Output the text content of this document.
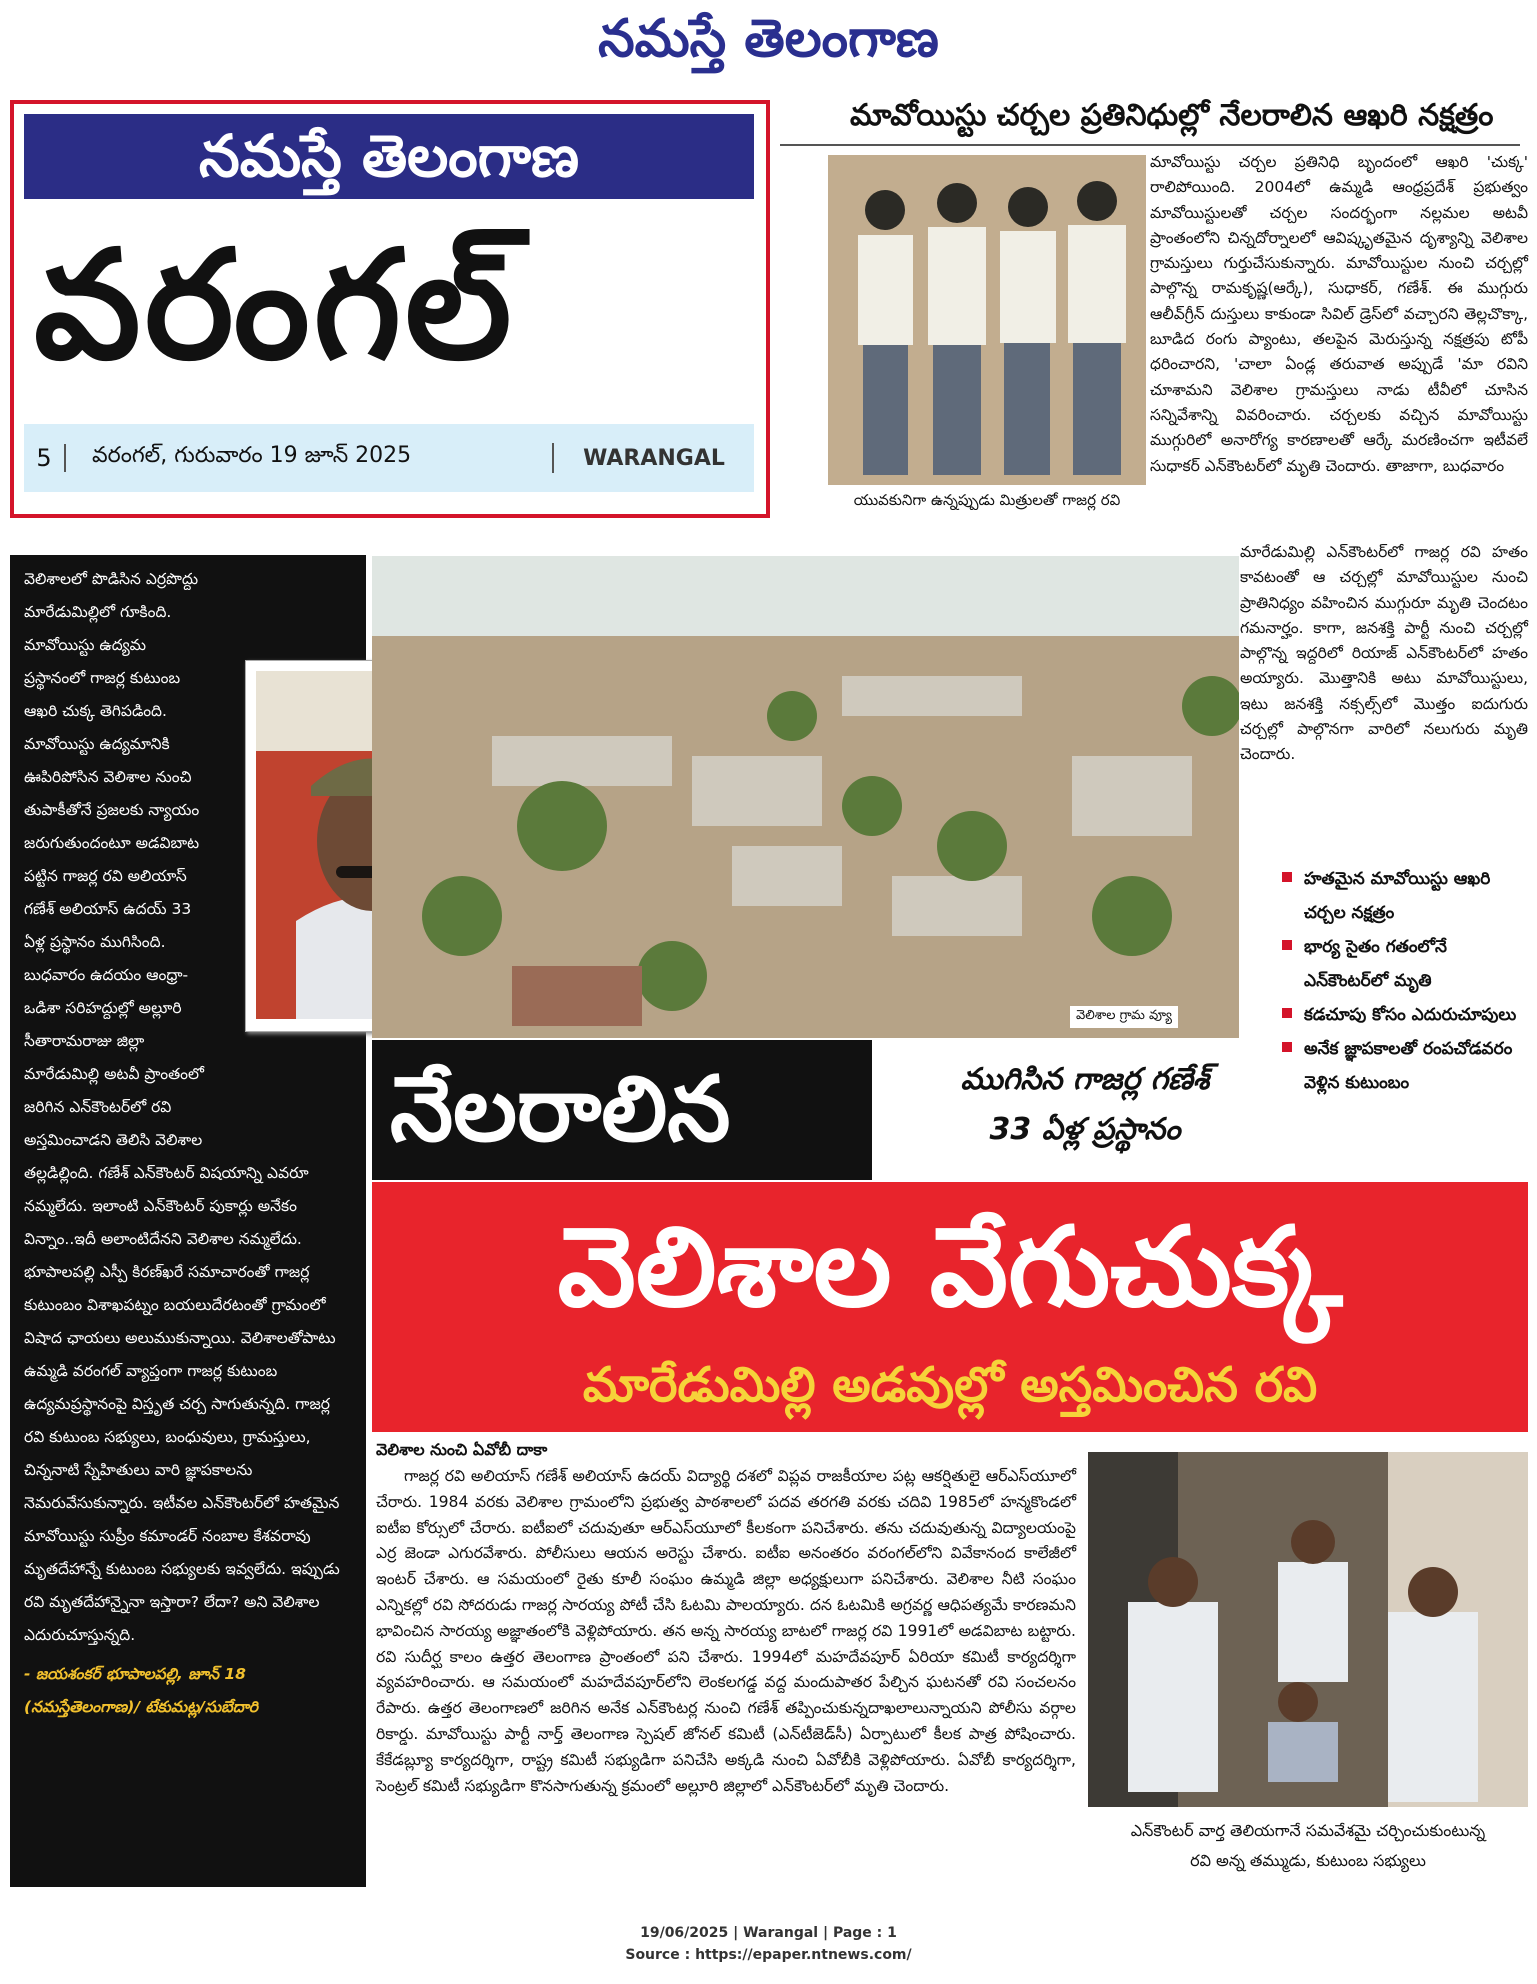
నమస్తే తెలంగాణ
నమస్తే తెలంగాణ
వరంగల్
5	వరంగల్, గురువారం 19 జూన్ 2025	WARANGAL
మావోయిస్టు చర్చల ప్రతినిధుల్లో నేలరాలిన ఆఖరి నక్షత్రం
యువకునిగా ఉన్నప్పుడు మిత్రులతో గాజర్ల రవి

మావోయిస్టు చర్చల ప్రతినిధి బృందంలో ఆఖరి 'చుక్క' రాలిపోయింది. 2004లో ఉమ్మడి ఆంధ్రప్రదేశ్ ప్రభుత్వం మావోయిస్టులతో చర్చల సందర్భంగా నల్లమల అటవీ ప్రాంతంలోని చిన్నదోర్నాలలో ఆవిష్కృతమైన దృశ్యాన్ని వెలిశాల గ్రామస్తులు గుర్తుచేసుకున్నారు. మావోయిస్టుల నుంచి చర్చల్లో పాల్గొన్న రామకృష్ణ(ఆర్కే), సుధాకర్, గణేశ్. ఈ ముగ్గురు ఆలీవ్‌గ్రీన్ దుస్తులు కాకుండా సివిల్ డ్రెస్‌లో వచ్చారని తెల్లచొక్కా, బూడిద రంగు ప్యాంటు, తలపైన మెరుస్తున్న నక్షత్రపు టోపీ ధరించారని, 'చాలా ఏండ్ల తరువాత అప్పుడే 'మా రవిని చూశామని వెలిశాల గ్రామస్తులు నాడు టీవీలో చూసిన సన్నివేశాన్ని వివరించారు. చర్చలకు వచ్చిన మావోయిస్టు ముగ్గురిలో అనారోగ్య కారణాలతో ఆర్కే మరణించగా ఇటీవలే సుధాకర్ ఎన్‌కౌంటర్‌లో మృతి చెందారు. తాజాగా, బుధవారం

మారేడుమిల్లి ఎన్‌కౌంటర్‌లో గాజర్ల రవి హతం కావటంతో ఆ చర్చల్లో మావోయిస్టుల నుంచి ప్రాతినిధ్యం వహించిన ముగ్గురూ మృతి చెందటం గమనార్హం. కాగా, జనశక్తి పార్టీ నుంచి చర్చల్లో పాల్గొన్న ఇద్దరిలో రియాజ్ ఎన్‌కౌంటర్‌లో హతం అయ్యారు. మొత్తానికి అటు మావోయిస్టులు, ఇటు జనశక్తి నక్సల్స్‌లో మొత్తం ఐదుగురు చర్చల్లో పాల్గొనగా వారిలో నలుగురు మృతి చెందారు.

వెలిశాలలో పొడిసిన ఎర్రపొద్దు మారేడుమిల్లిలో గూకింది. మావోయిస్టు ఉద్యమ ప్రస్థానంలో గాజర్ల కుటుంబ ఆఖరి చుక్క తెగిపడింది. మావోయిస్టు ఉద్యమానికి ఊపిరిపోసిన వెలిశాల నుంచి తుపాకీతోనే ప్రజలకు న్యాయం జరుగుతుందంటూ అడవిబాట పట్టిన గాజర్ల రవి అలియాస్ గణేశ్ అలియాస్ ఉదయ్ 33 ఏళ్ల ప్రస్థానం ముగిసింది. బుధవారం ఉదయం ఆంధ్రా-ఒడిశా సరిహద్దుల్లో అల్లూరి సీతారామరాజు జిల్లా మారేడుమిల్లి అటవీ ప్రాంతంలో జరిగిన ఎన్‌కౌంటర్‌లో రవి అస్తమించాడని తెలిసి వెలిశాల తల్లడిల్లింది. గణేశ్ ఎన్‌కౌంటర్ విషయాన్ని ఎవరూ నమ్మలేదు. ఇలాంటి ఎన్‌కౌంటర్ పుకార్లు అనేకం విన్నాం..ఇదీ అలాంటిదేనని వెలిశాల నమ్మలేదు. భూపాలపల్లి ఎస్పీ కిరణ్‌ఖరే సమాచారంతో గాజర్ల కుటుంబం విశాఖపట్నం బయలుదేరటంతో గ్రామంలో విషాద ఛాయలు అలుముకున్నాయి. వెలిశాలతోపాటు ఉమ్మడి వరంగల్ వ్యాప్తంగా గాజర్ల కుటుంబ ఉద్యమప్రస్థానంపై విస్తృత చర్చ సాగుతున్నది. గాజర్ల రవి కుటుంబ సభ్యులు, బంధువులు, గ్రామస్తులు, చిన్ననాటి స్నేహితులు వారి జ్ఞాపకాలను నెమరువేసుకున్నారు. ఇటీవల ఎన్‌కౌంటర్‌లో హతమైన మావోయిస్టు సుప్రీం కమాండర్ నంబాల కేశవరావు మృతదేహాన్నే కుటుంబ సభ్యులకు ఇవ్వలేదు. ఇప్పుడు రవి మృతదేహాన్నైనా ఇస్తారా? లేదా? అని వెలిశాల ఎదురుచూస్తున్నది.

- జయశంకర్ భూపాలపల్లి, జూన్ 18 (నమస్తేతెలంగాణ)/ టేకుమట్ల/సుబేదారి

వెలిశాల గ్రామ వ్యూ
హతమైన మావోయిస్టు ఆఖరి చర్చల నక్షత్రం
భార్య సైతం గతంలోనే ఎన్‌కౌంటర్‌లో మృతి
కడచూపు కోసం ఎదురుచూపులు
అనేక జ్ఞాపకాలతో రంపచోడవరం వెళ్లిన కుటుంబం
నేలరాలిన	ముగిసిన గాజర్ల గణేశ్
33 ఏళ్ల ప్రస్థానం
వెలిశాల వేగుచుక్క
మారేడుమిల్లి అడవుల్లో అస్తమించిన రవి
వెలిశాల నుంచి ఏవోబీ దాకా

గాజర్ల రవి అలియాస్ గణేశ్ అలియాస్ ఉదయ్ విద్యార్థి దశలో విప్లవ రాజకీయాల పట్ల ఆకర్షితులై ఆర్‌ఎస్‌యూలో చేరారు. 1984 వరకు వెలిశాల గ్రామంలోని ప్రభుత్వ పాఠశాలలో పదవ తరగతి వరకు చదివి 1985లో హన్మకొండలో ఐటీఐ కోర్సులో చేరారు. ఐటీఐలో చదువుతూ ఆర్‌ఎస్‌యూలో కీలకంగా పనిచేశారు. తను చదువుతున్న విద్యాలయంపై ఎర్ర జెండా ఎగురవేశారు. పోలీసులు ఆయన అరెస్టు చేశారు. ఐటీఐ అనంతరం వరంగల్‌లోని వివేకానంద కాలేజీలో ఇంటర్ చేశారు. ఆ సమయంలో రైతు కూలీ సంఘం ఉమ్మడి జిల్లా అధ్యక్షులుగా పనిచేశారు. వెలిశాల నీటి సంఘం ఎన్నికల్లో రవి సోదరుడు గాజర్ల సారయ్య పోటీ చేసి ఓటమి పాలయ్యారు. దన ఓటమికి అగ్రవర్ణ ఆధిపత్యమే కారణమని భావించిన సారయ్య అజ్ఞాతంలోకి వెళ్లిపోయారు. తన అన్న సారయ్య బాటలో గాజర్ల రవి 1991లో అడవిబాట బట్టారు. రవి సుదీర్ఘ కాలం ఉత్తర తెలంగాణ ప్రాంతంలో పని చేశారు. 1994లో మహదేవపూర్ ఏరియా కమిటీ కార్యదర్శిగా వ్యవహరించారు. ఆ సమయంలో మహదేవపూర్‌లోని లెంకలగడ్డ వద్ద మందుపాతర పేల్చిన ఘటనతో రవి సంచలనం రేపారు. ఉత్తర తెలంగాణలో జరిగిన అనేక ఎన్‌కౌంటర్ల నుంచి గణేశ్ తప్పించుకున్నదాఖలాలున్నాయని పోలీసు వర్గాల రికార్డు. మావోయిస్టు పార్టీ నార్త్ తెలంగాణ స్పెషల్ జోనల్ కమిటీ (ఎన్‌టీజెడ్‌సీ) ఏర్పాటులో కీలక పాత్ర పోషించారు. కేకేడబ్ల్యూ కార్యదర్శిగా, రాష్ట్ర కమిటీ సభ్యుడిగా పనిచేసి అక్కడి నుంచి ఏవోబీకి వెళ్లిపోయారు. ఏవోబీ కార్యదర్శిగా, సెంట్రల్ కమిటీ సభ్యుడిగా కొనసాగుతున్న క్రమంలో అల్లూరి జిల్లాలో ఎన్‌కౌంటర్‌లో మృతి చెందారు.

ఎన్‌కౌంటర్ వార్త తెలియగానే సమవేశమై చర్చించుకుంటున్న
రవి అన్న తమ్ముడు, కుటుంబ సభ్యులు
19/06/2025 | Warangal | Page : 1
Source : https://epaper.ntnews.com/
